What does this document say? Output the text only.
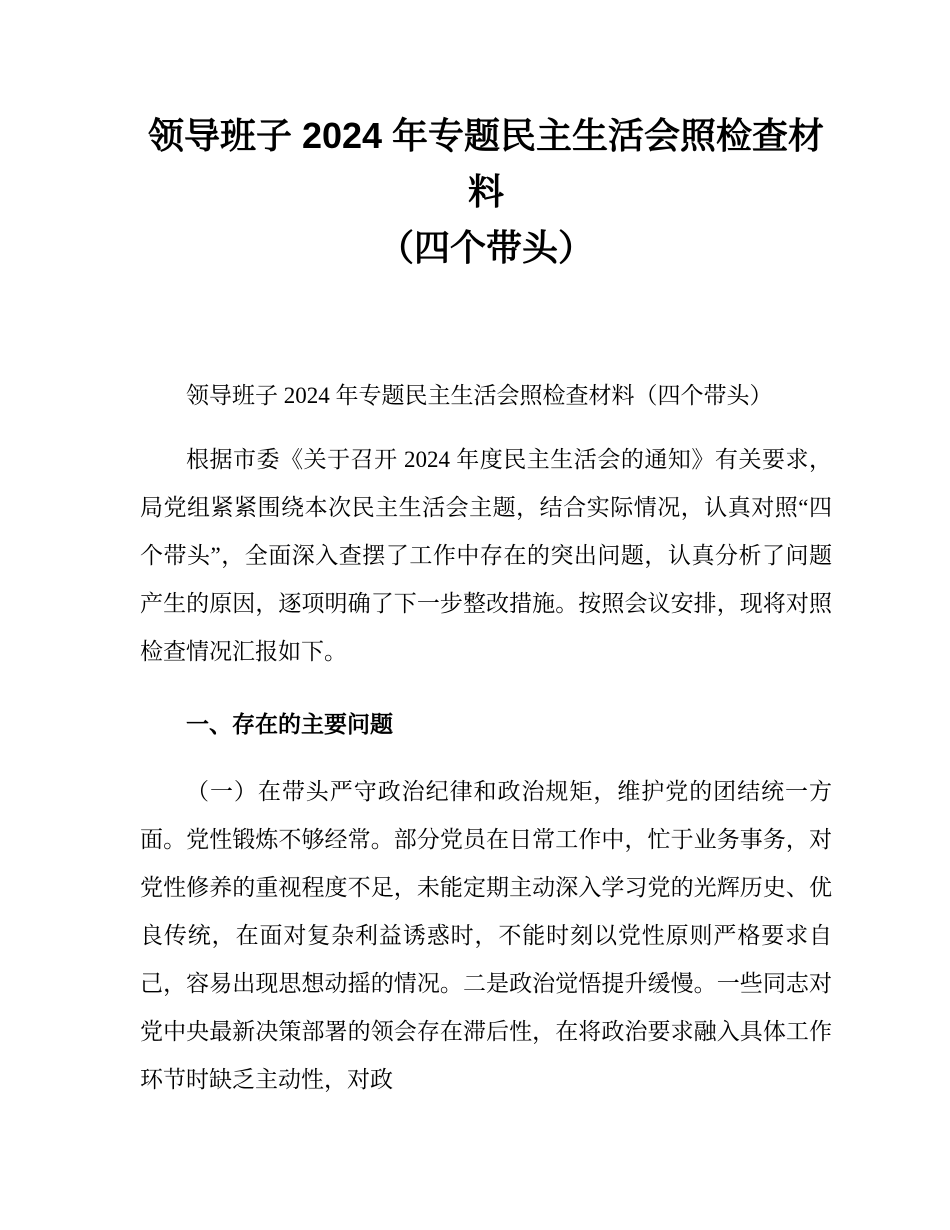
领导班子 2024 年专题民主生活会照检查材料
（四个带头）

领导班子 2024 年专题民主生活会照检查材料（四个带头）

根据市委《关于召开 2024 年度民主生活会的通知》有关要求，局党组紧紧围绕本次民主生活会主题，结合实际情况，认真对照“四个带头”，全面深入查摆了工作中存在的突出问题，认真分析了问题产生的原因，逐项明确了下一步整改措施。按照会议安排，现将对照检查情况汇报如下。

一、存在的主要问题

（一）在带头严守政治纪律和政治规矩，维护党的团结统一方面。党性锻炼不够经常。部分党员在日常工作中，忙于业务事务，对党性修养的重视程度不足，未能定期主动深入学习党的光辉历史、优良传统，在面对复杂利益诱惑时，不能时刻以党性原则严格要求自己，容易出现思想动摇的情况。二是政治觉悟提升缓慢。一些同志对党中央最新决策部署的领会存在滞后性，在将政治要求融入具体工作环节时缺乏主动性，对政
